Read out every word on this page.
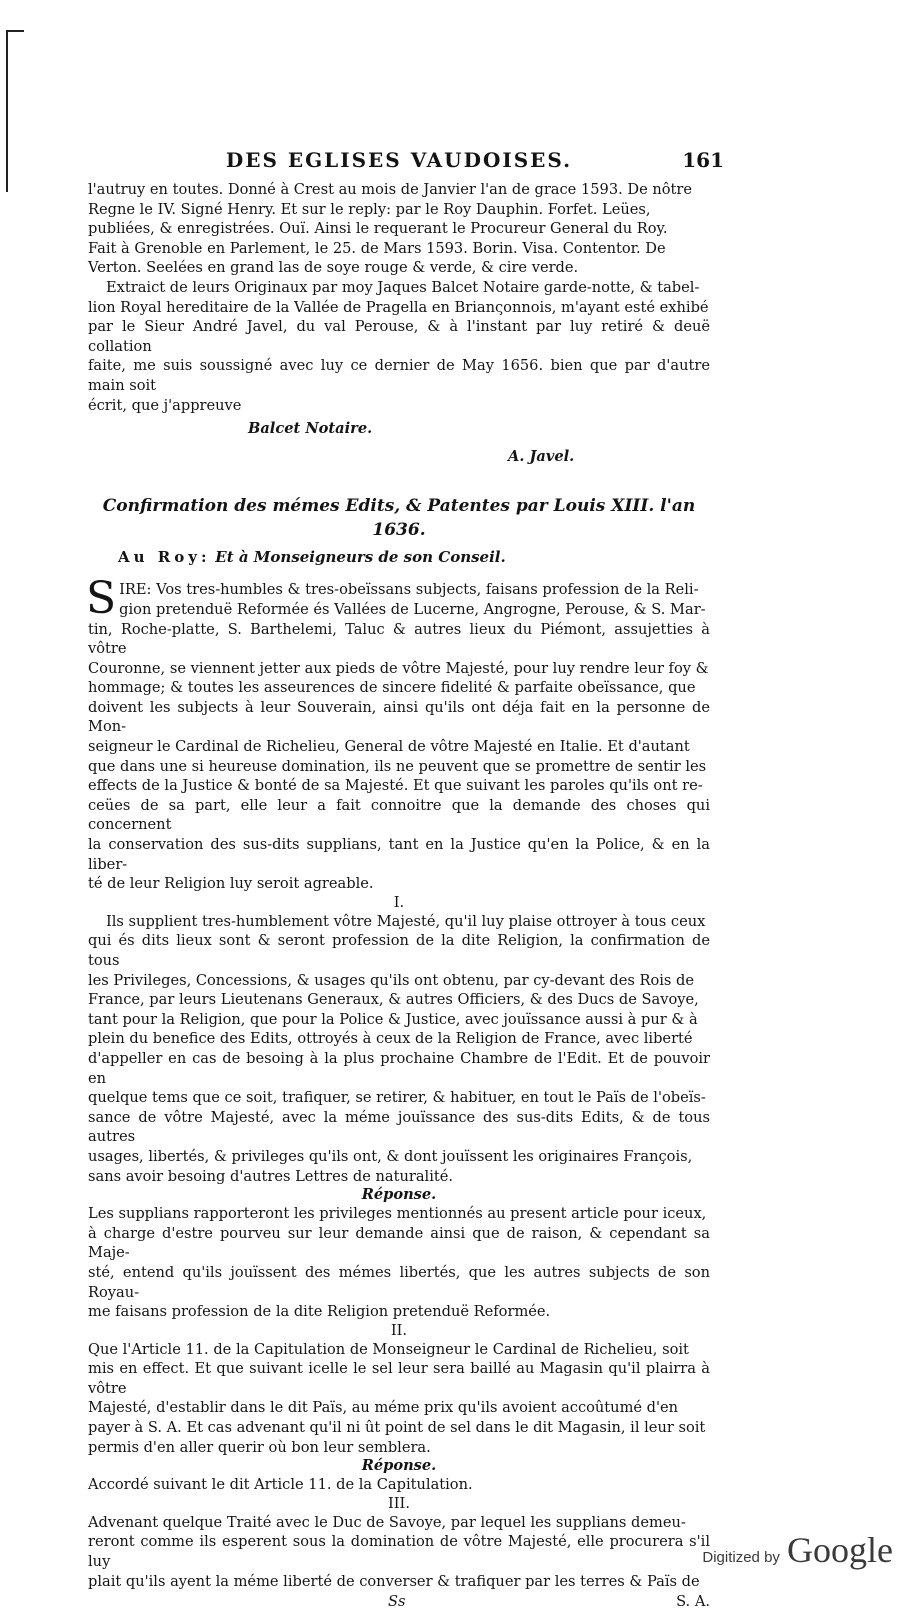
DES EGLISES VAUDOISES.	161
l'autruy en toutes. Donné à Crest au mois de Janvier l'an de grace 1593. De nôtre
Regne le IV. Signé Henry. Et sur le reply: par le Roy Dauphin. Forfet. Leües,
publiées, & enregistrées. Ouï. Ainsi le requerant le Procureur General du Roy.
Fait à Grenoble en Parlement, le 25. de Mars 1593. Borin. Visa. Contentor. De
Verton. Seelées en grand las de soye rouge & verde, & cire verde.
Extraict de leurs Originaux par moy Jaques Balcet Notaire garde-notte, & tabel-
lion Royal hereditaire de la Vallée de Pragella en Brianςonnois, m'ayant esté exhibé
par le Sieur André Javel, du val Perouse, & à l'instant par luy retiré & deuë collation
faite, me suis soussigné avec luy ce dernier de May 1656. bien que par d'autre main soit
écrit, que j'appreuve
Balcet Notaire.
A. Javel.
Confirmation des mémes Edits, & Patentes par Louis XIII. l'an 1636.
Au Roy: Et à Monseigneurs de son Conseil.
S IRE: Vos tres-humbles & tres-obeïssans subjects, faisans profession de la Reli-
gion pretenduë Reformée és Vallées de Lucerne, Angrogne, Perouse, & S. Mar-
tin, Roche-platte, S. Barthelemi, Taluc & autres lieux du Piémont, assujetties à vôtre
Couronne, se viennent jetter aux pieds de vôtre Majesté, pour luy rendre leur foy &
hommage; & toutes les asseurences de sincere fidelité & parfaite obeïssance, que
doivent les subjects à leur Souverain, ainsi qu'ils ont déja fait en la personne de Mon-
seigneur le Cardinal de Richelieu, General de vôtre Majesté en Italie. Et d'autant
que dans une si heureuse domination, ils ne peuvent que se promettre de sentir les
effects de la Justice & bonté de sa Majesté. Et que suivant les paroles qu'ils ont re-
ceües de sa part, elle leur a fait connoitre que la demande des choses qui concernent
la conservation des sus-dits supplians, tant en la Justice qu'en la Police, & en la liber-
té de leur Religion luy seroit agreable.
I.
Ils supplient tres-humblement vôtre Majesté, qu'il luy plaise ottroyer à tous ceux
qui és dits lieux sont & seront profession de la dite Religion, la confirmation de tous
les Privileges, Concessions, & usages qu'ils ont obtenu, par cy-devant des Rois de
France, par leurs Lieutenans Generaux, & autres Officiers, & des Ducs de Savoye,
tant pour la Religion, que pour la Police & Justice, avec jouïssance aussi à pur & à
plein du benefice des Edits, ottroyés à ceux de la Religion de France, avec liberté
d'appeller en cas de besoing à la plus prochaine Chambre de l'Edit. Et de pouvoir en
quelque tems que ce soit, trafiquer, se retirer, & habituer, en tout le Païs de l'obeïs-
sance de vôtre Majesté, avec la méme jouïssance des sus-dits Edits, & de tous autres
usages, libertés, & privileges qu'ils ont, & dont jouïssent les originaires François,
sans avoir besoing d'autres Lettres de naturalité.
Réponse.
Les supplians rapporteront les privileges mentionnés au present article pour iceux,
à charge d'estre pourveu sur leur demande ainsi que de raison, & cependant sa Maje-
sté, entend qu'ils jouïssent des mémes libertés, que les autres subjects de son Royau-
me faisans profession de la dite Religion pretenduë Reformée.
II.
Que l'Article 11. de la Capitulation de Monseigneur le Cardinal de Richelieu, soit
mis en effect. Et que suivant icelle le sel leur sera baillé au Magasin qu'il plairra à vôtre
Majesté, d'establir dans le dit Païs, au méme prix qu'ils avoient accoûtumé d'en
payer à S. A. Et cas advenant qu'il ni ût point de sel dans le dit Magasin, il leur soit
permis d'en aller querir où bon leur semblera.
Réponse.
Accordé suivant le dit Article 11. de la Capitulation.
III.
Advenant quelque Traité avec le Duc de Savoye, par lequel les supplians demeu-
reront comme ils esperent sous la domination de vôtre Majesté, elle procurera s'il luy
plait qu'ils ayent la méme liberté de converser & trafiquer par les terres & Païs de
Ss	S. A.
Digitized by Google
